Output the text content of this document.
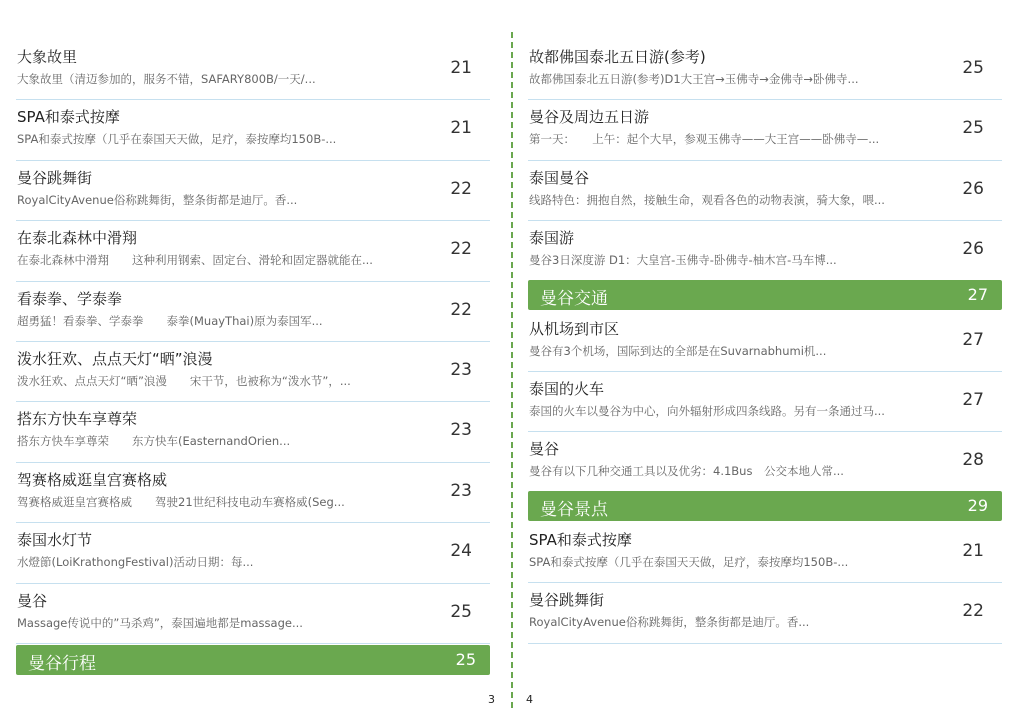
大象故里
大象故里（清迈参加的，服务不错，SAFARY800B/一天/...
21
SPA和泰式按摩
SPA和泰式按摩（几乎在泰国天天做，足疗，泰按摩均150B-...
21
曼谷跳舞街
RoyalCityAvenue俗称跳舞街，整条街都是迪厅。香...
22
在泰北森林中滑翔
在泰北森林中滑翔　　这种利用钢索、固定台、滑轮和固定器就能在...
22
看泰拳、学泰拳
超勇猛！看泰拳、学泰拳　　泰拳(MuayThai)原为泰国军...
22
泼水狂欢、点点天灯“晒”浪漫
泼水狂欢、点点天灯“晒”浪漫　　宋干节，也被称为“泼水节”，...
23
搭东方快车享尊荣
搭东方快车享尊荣　　东方快车(EasternandOrien...
23
驾赛格威逛皇宫赛格威
驾赛格威逛皇宫赛格威　　驾驶21世纪科技电动车赛格威(Seg...
23
泰国水灯节
水燈節(LoiKrathongFestival)活动日期：每...
24
曼谷
Massage传说中的”马杀鸡”，泰国遍地都是massage...
25
曼谷行程	25
故都佛国泰北五日游(参考)
故都佛国泰北五日游(参考)D1大王宫→玉佛寺→金佛寺→卧佛寺...
25
曼谷及周边五日游
第一天：　　上午：起个大早，参观玉佛寺——大王宫——卧佛寺—...
25
泰国曼谷
线路特色：拥抱自然，接触生命，观看各色的动物表演，骑大象，喂...
26
泰国游
曼谷3日深度游 D1：大皇宫-玉佛寺-卧佛寺-柚木宫-马车博...
26
曼谷交通	27
从机场到市区
曼谷有3个机场，国际到达的全部是在Suvarnabhumi机...
27
泰国的火车
泰国的火车以曼谷为中心，向外辐射形成四条线路。另有一条通过马...
27
曼谷
曼谷有以下几种交通工具以及优劣：4.1Bus　公交本地人常...
28
曼谷景点	29
SPA和泰式按摩
SPA和泰式按摩（几乎在泰国天天做，足疗，泰按摩均150B-...
21
曼谷跳舞街
RoyalCityAvenue俗称跳舞街，整条街都是迪厅。香...
22
3	4
